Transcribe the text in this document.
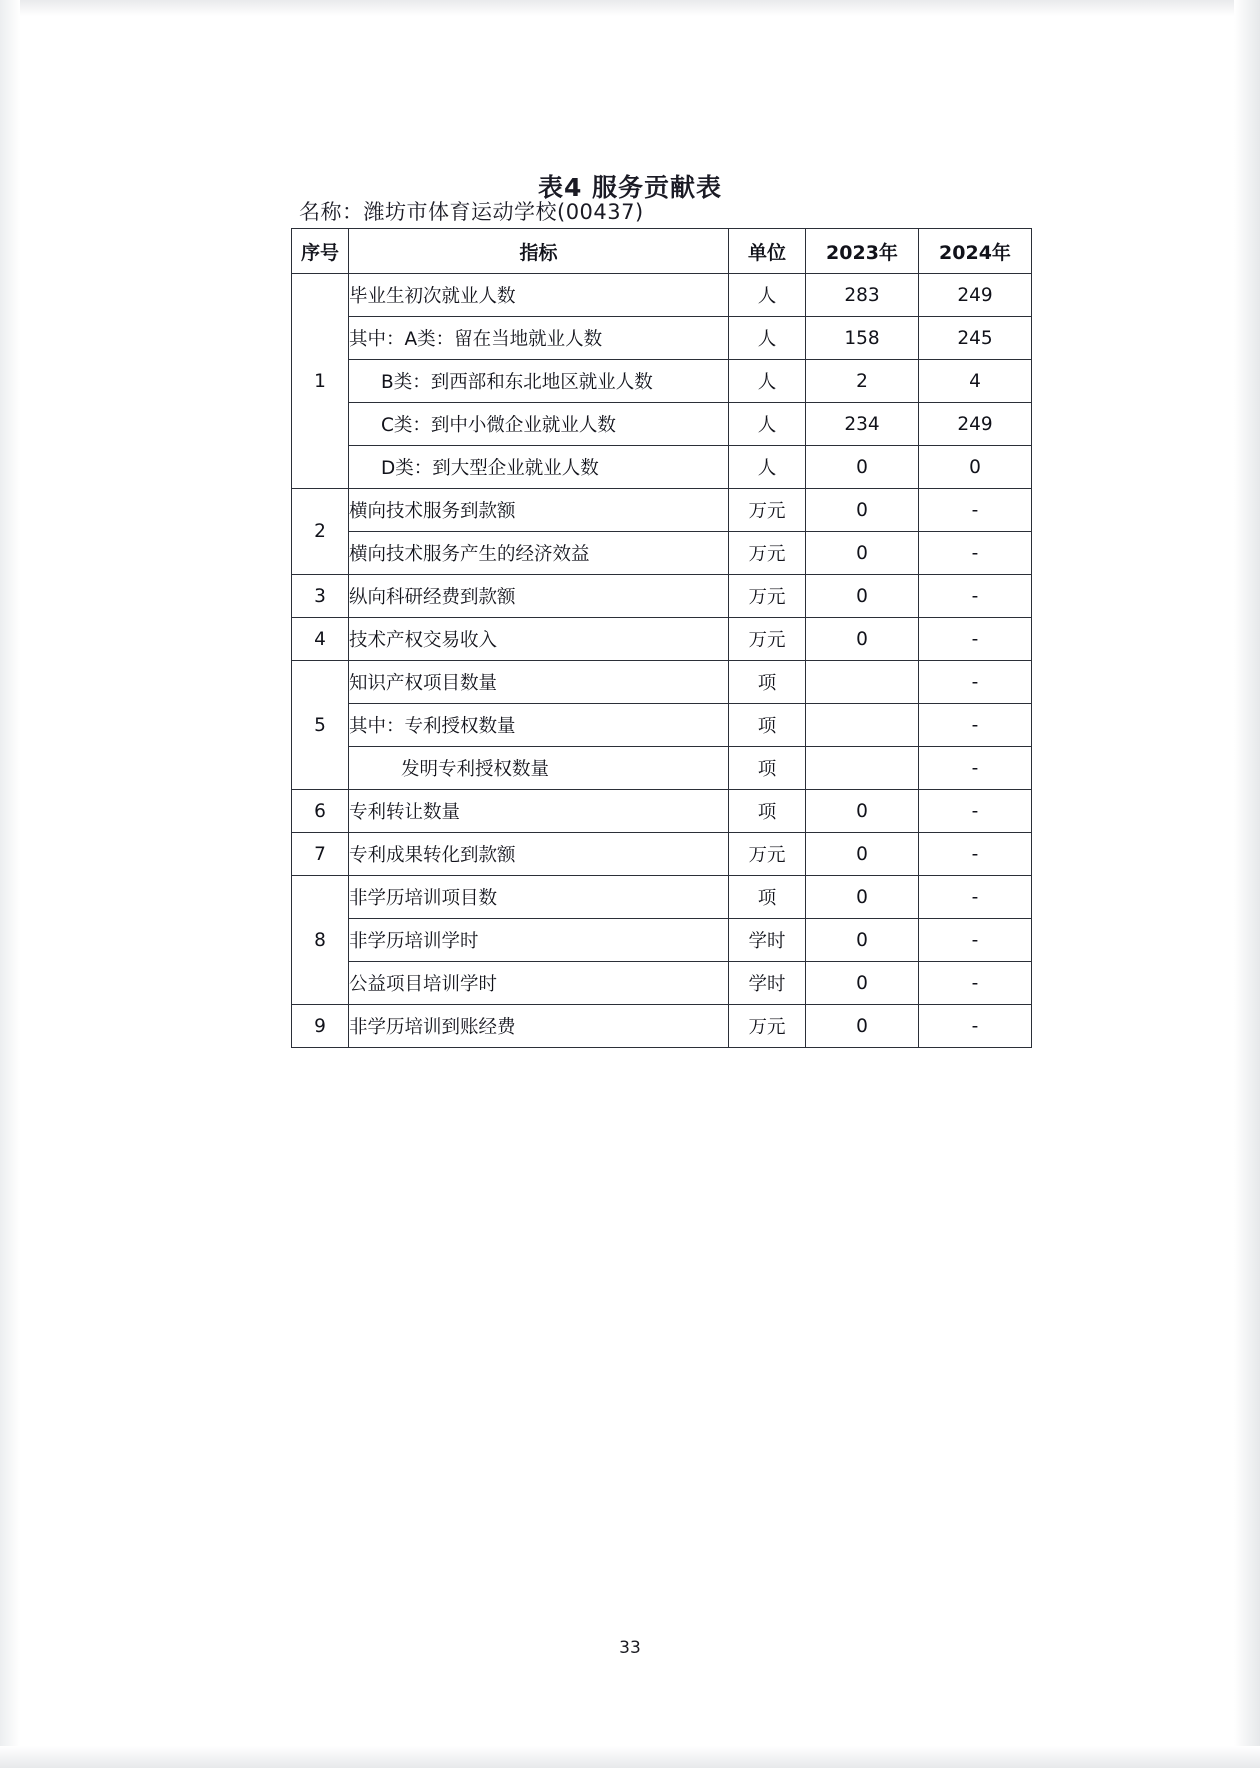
表4 服务贡献表
名称：潍坊市体育运动学校(00437)
序号	指标	单位	2023年	2024年
1	毕业生初次就业人数	人	283	249
	其中：A类：留在当地就业人数	人	158	245
	B类：到西部和东北地区就业人数	人	2	4
	C类：到中小微企业就业人数	人	234	249
	D类：到大型企业就业人数	人	0	0
2	横向技术服务到款额	万元	0	-
	横向技术服务产生的经济效益	万元	0	-
3	纵向科研经费到款额	万元	0	-
4	技术产权交易收入	万元	0	-
5	知识产权项目数量	项		-
	其中：专利授权数量	项		-
	发明专利授权数量	项		-
6	专利转让数量	项	0	-
7	专利成果转化到款额	万元	0	-
8	非学历培训项目数	项	0	-
	非学历培训学时	学时	0	-
	公益项目培训学时	学时	0	-
9	非学历培训到账经费	万元	0	-
33
